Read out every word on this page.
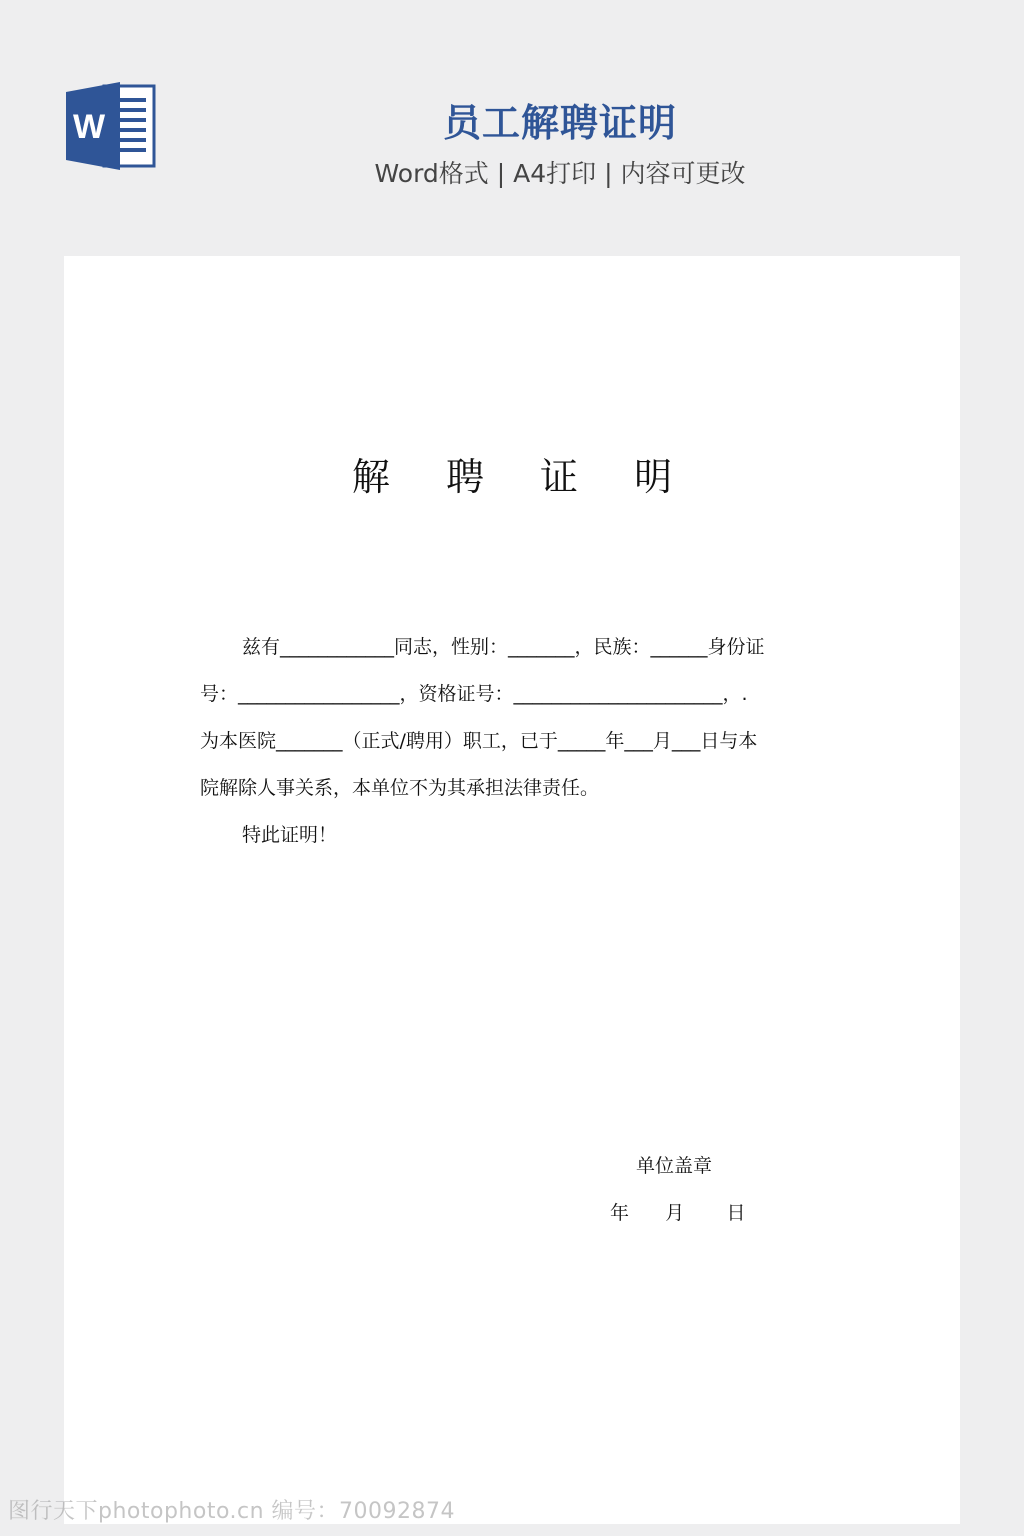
W	员工解聘证明
Word格式 | A4打印 | 内容可更改
解 聘 证 明
兹有____________同志，性别：_______，民族：______身份证
号：_________________，资格证号：______________________，.
为本医院_______（正式/聘用）职工，已于_____年___月___日与本
院解除人事关系，本单位不为其承担法律责任。
特此证明！
单位盖章
年      月       日
图行天下photophoto.cn 编号：70092874
